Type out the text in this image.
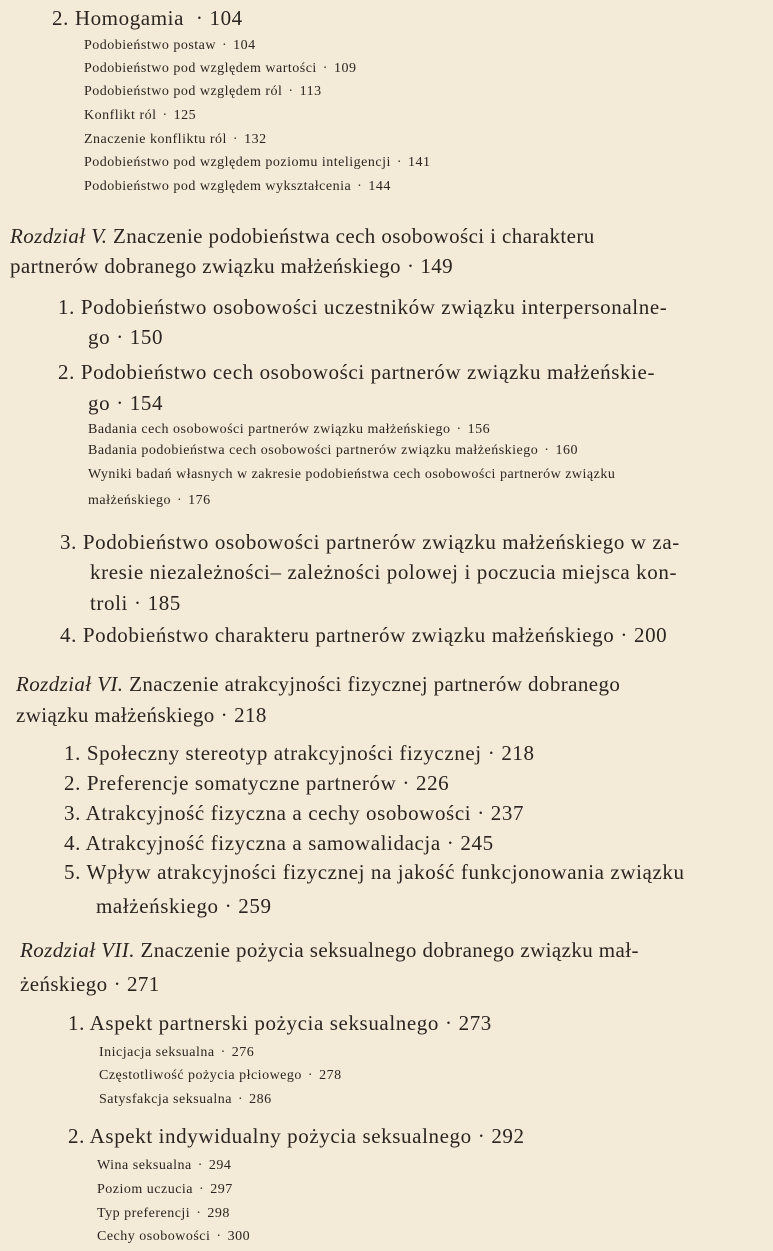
2. Homogamia · 104
Podobieństwo postaw · 104
Podobieństwo pod względem wartości · 109
Podobieństwo pod względem ról · 113
Konflikt ról · 125
Znaczenie konfliktu ról · 132
Podobieństwo pod względem poziomu inteligencji · 141
Podobieństwo pod względem wykształcenia · 144
Rozdział V. Znaczenie podobieństwa cech osobowości i charakteru
partnerów dobranego związku małżeńskiego · 149
1. Podobieństwo osobowości uczestników związku interpersonalne-
go · 150
2. Podobieństwo cech osobowości partnerów związku małżeńskie-
go · 154
Badania cech osobowości partnerów związku małżeńskiego · 156
Badania podobieństwa cech osobowości partnerów związku małżeńskiego · 160
Wyniki badań własnych w zakresie podobieństwa cech osobowości partnerów związku
małżeńskiego · 176
3. Podobieństwo osobowości partnerów związku małżeńskiego w za-
kresie niezależności– zależności polowej i poczucia miejsca kon-
troli · 185
4. Podobieństwo charakteru partnerów związku małżeńskiego · 200
Rozdział VI. Znaczenie atrakcyjności fizycznej partnerów dobranego
związku małżeńskiego · 218
1. Społeczny stereotyp atrakcyjności fizycznej · 218
2. Preferencje somatyczne partnerów · 226
3. Atrakcyjność fizyczna a cechy osobowości · 237
4. Atrakcyjność fizyczna a samowalidacja · 245
5. Wpływ atrakcyjności fizycznej na jakość funkcjonowania związku
małżeńskiego · 259
Rozdział VII. Znaczenie pożycia seksualnego dobranego związku mał-
żeńskiego · 271
1. Aspekt partnerski pożycia seksualnego · 273
Inicjacja seksualna · 276
Częstotliwość pożycia płciowego · 278
Satysfakcja seksualna · 286
2. Aspekt indywidualny pożycia seksualnego · 292
Wina seksualna · 294
Poziom uczucia · 297
Typ preferencji · 298
Cechy osobowości · 300
